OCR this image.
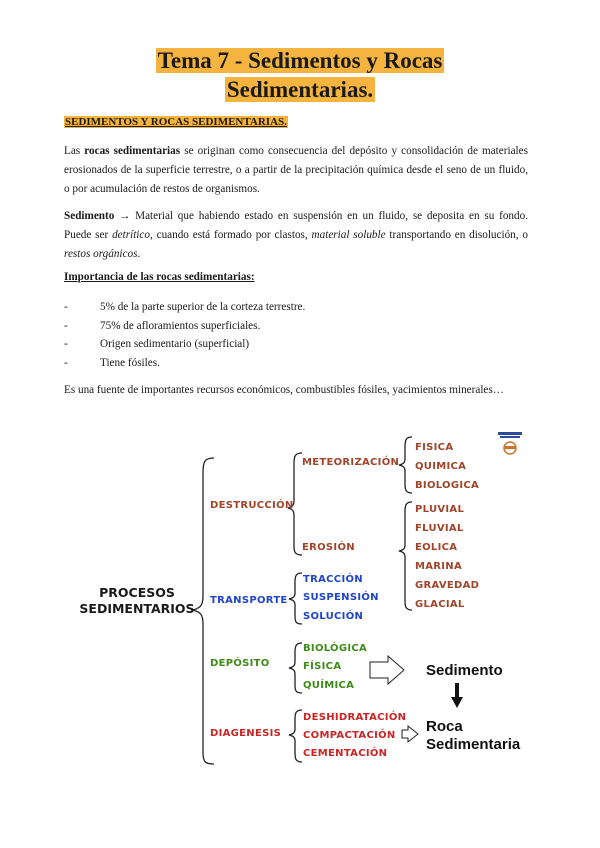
Tema 7 - Sedimentos y Rocas
Sedimentarias.
SEDIMENTOS Y ROCAS SEDIMENTARIAS.
Las rocas sedimentarias se originan como consecuencia del depósito y consolidación de materiales erosionados de la superficie terrestre, o a partir de la precipitación química desde el seno de un fluido, o por acumulación de restos de organismos.
Sedimento → Material que habiendo estado en suspensión en un fluido, se deposita en su fondo. Puede ser detrítico, cuando está formado por clastos, material soluble transportando en disolución, o restos orgánicos.
Importancia de las rocas sedimentarias:
- 5% de la parte superior de la corteza terrestre.
- 75% de afloramientos superficiales.
- Origen sedimentario (superficial)
- Tiene fósiles.
Es una fuente de importantes recursos económicos, combustibles fósiles, yacimientos minerales…
PROCESOS
SEDIMENTARIOS
DESTRUCCIÓN
METEORIZACIÓN
FISICA
QUIMICA
BIOLOGICA
EROSIÓN
PLUVIAL
FLUVIAL
EOLICA
MARINA
GRAVEDAD
GLACIAL
TRANSPORTE
TRACCIÓN
SUSPENSIÓN
SOLUCIÓN
DEPÓSITO
BIOLÓGICA
FÍSICA
QUÍMICA
DIAGENESIS
DESHIDRATACIÓN
COMPACTACIÓN
CEMENTACIÓN
Sedimento
Roca
Sedimentaria
